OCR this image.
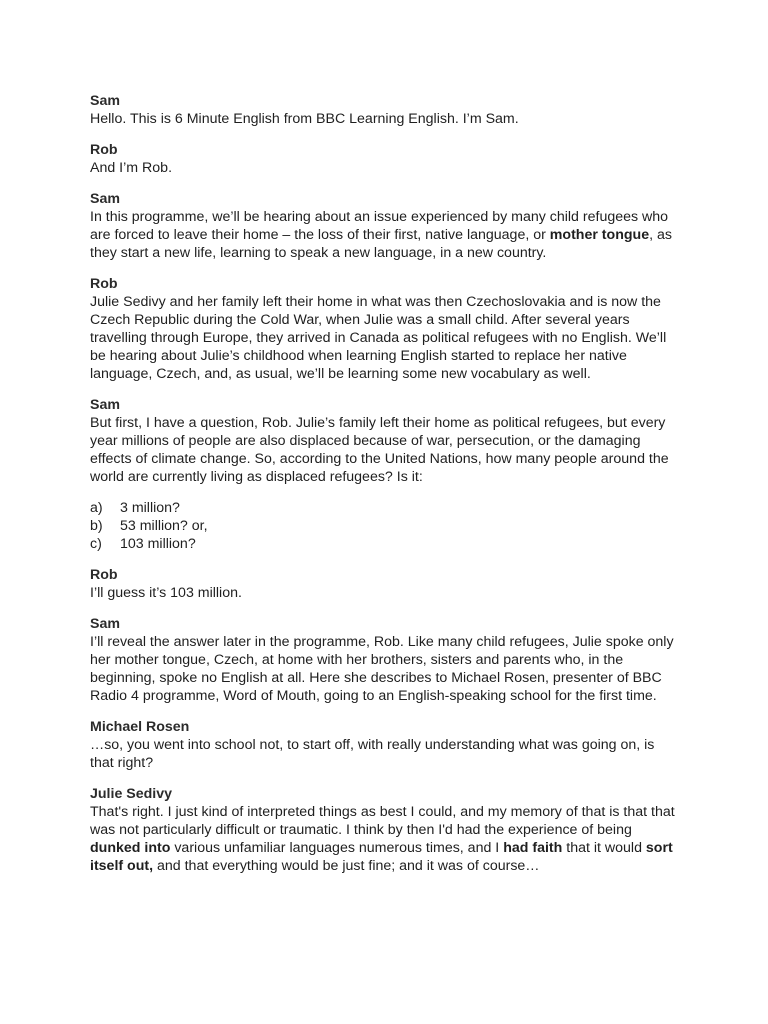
Sam
Hello. This is 6 Minute English from BBC Learning English. I’m Sam.
Rob
And I’m Rob.
Sam
In this programme, we’ll be hearing about an issue experienced by many child refugees who are forced to leave their home – the loss of their first, native language, or mother tongue, as they start a new life, learning to speak a new language, in a new country.
Rob
Julie Sedivy and her family left their home in what was then Czechoslovakia and is now the Czech Republic during the Cold War, when Julie was a small child. After several years travelling through Europe, they arrived in Canada as political refugees with no English. We’ll be hearing about Julie’s childhood when learning English started to replace her native language, Czech, and, as usual, we’ll be learning some new vocabulary as well.
Sam
But first, I have a question, Rob. Julie’s family left their home as political refugees, but every year millions of people are also displaced because of war, persecution, or the damaging effects of climate change. So, according to the United Nations, how many people around the world are currently living as displaced refugees? Is it:
a)	3 million?
b)	53 million? or,
c)	103 million?
Rob
I’ll guess it’s 103 million.
Sam
I’ll reveal the answer later in the programme, Rob. Like many child refugees, Julie spoke only her mother tongue, Czech, at home with her brothers, sisters and parents who, in the beginning, spoke no English at all. Here she describes to Michael Rosen, presenter of BBC Radio 4 programme, Word of Mouth, going to an English-speaking school for the first time.
Michael Rosen
…so, you went into school not, to start off, with really understanding what was going on, is that right?
Julie Sedivy
That's right. I just kind of interpreted things as best I could, and my memory of that is that that was not particularly difficult or traumatic. I think by then I'd had the experience of being dunked into various unfamiliar languages numerous times, and I had faith that it would sort itself out, and that everything would be just fine; and it was of course…
